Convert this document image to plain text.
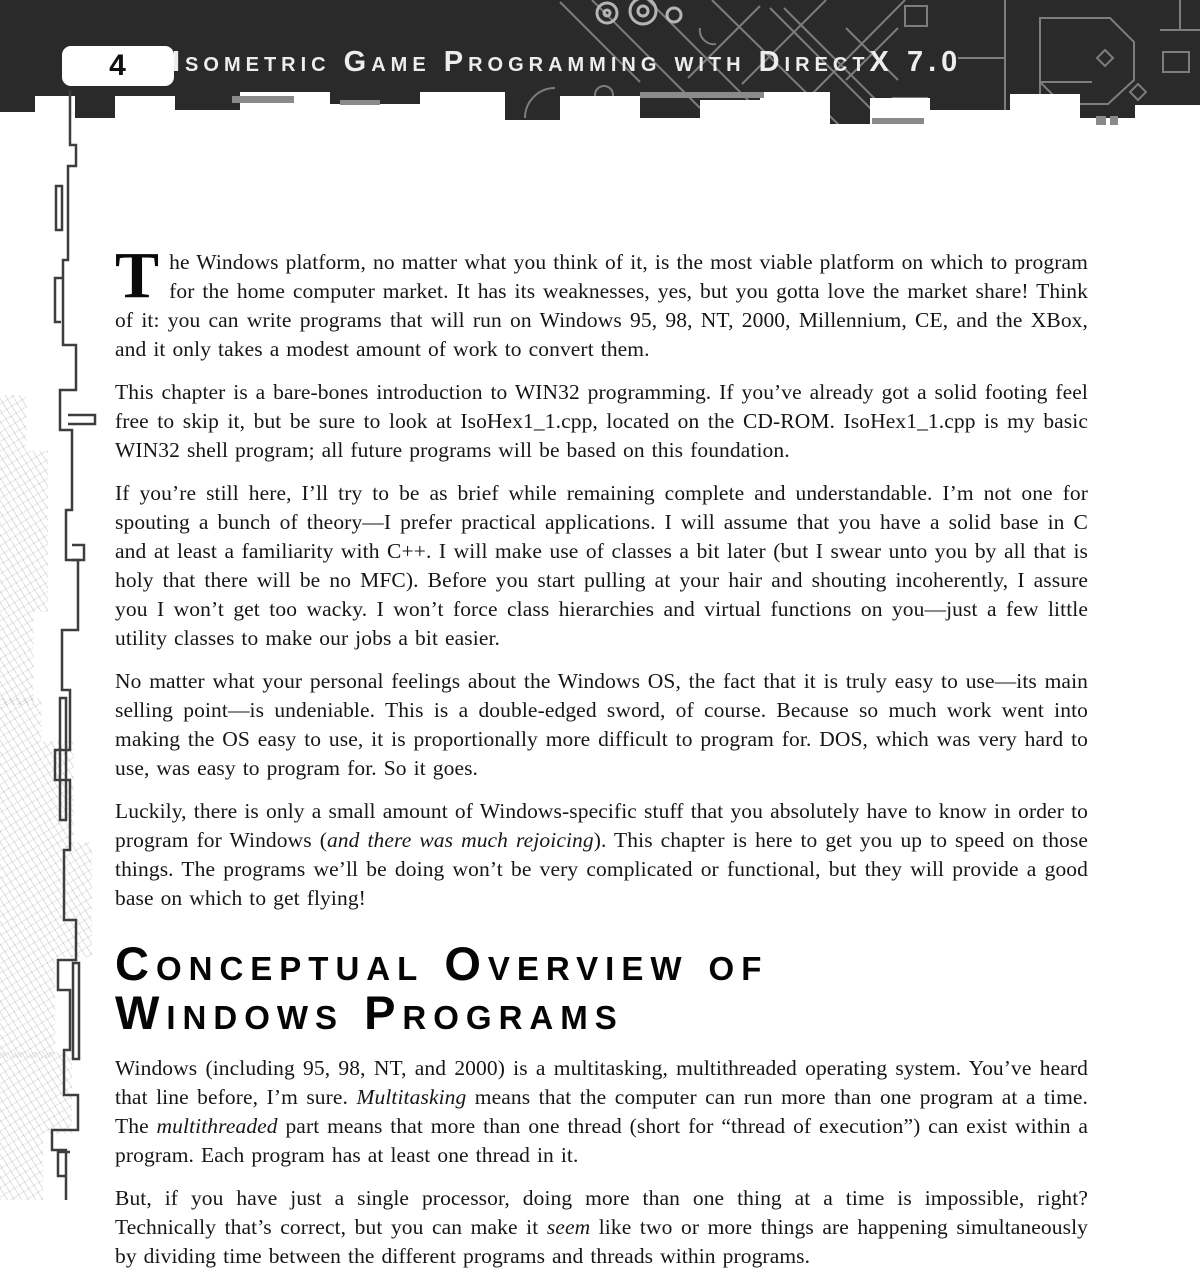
4 Isometric Game Programming with DirectX 7.0

The Windows platform, no matter what you think of it, is the most viable platform on which to program for the home computer market. It has its weaknesses, yes, but you gotta love the market share! Think of it: you can write programs that will run on Windows 95, 98, NT, 2000, Millennium, CE, and the XBox, and it only takes a modest amount of work to convert them.

This chapter is a bare-bones introduction to WIN32 programming. If you’ve already got a solid footing feel free to skip it, but be sure to look at IsoHex1_1.cpp, located on the CD-ROM. IsoHex1_1.cpp is my basic WIN32 shell program; all future programs will be based on this foundation.

If you’re still here, I’ll try to be as brief while remaining complete and understandable. I’m not one for spouting a bunch of theory—I prefer practical applications. I will assume that you have a solid base in C and at least a familiarity with C++. I will make use of classes a bit later (but I swear unto you by all that is holy that there will be no MFC). Before you start pulling at your hair and shouting incoherently, I assure you I won’t get too wacky. I won’t force class hierarchies and virtual functions on you—just a few little utility classes to make our jobs a bit easier.

No matter what your personal feelings about the Windows OS, the fact that it is truly easy to use—its main selling point—is undeniable. This is a double-edged sword, of course. Because so much work went into making the OS easy to use, it is proportionally more difficult to program for. DOS, which was very hard to use, was easy to program for. So it goes.

Luckily, there is only a small amount of Windows-specific stuff that you absolutely have to know in order to program for Windows (and there was much rejoicing). This chapter is here to get you up to speed on those things. The programs we’ll be doing won’t be very complicated or functional, but they will provide a good base on which to get flying!

Conceptual Overview of
Windows Programs

Windows (including 95, 98, NT, and 2000) is a multitasking, multithreaded operating system. You’ve heard that line before, I’m sure. Multitasking means that the computer can run more than one program at a time. The multithreaded part means that more than one thread (short for “thread of execution”) can exist within a program. Each program has at least one thread in it.

But, if you have just a single processor, doing more than one thing at a time is impossible, right? Technically that’s correct, but you can make it seem like two or more things are happening simultaneously by dividing time between the different programs and threads within programs.
